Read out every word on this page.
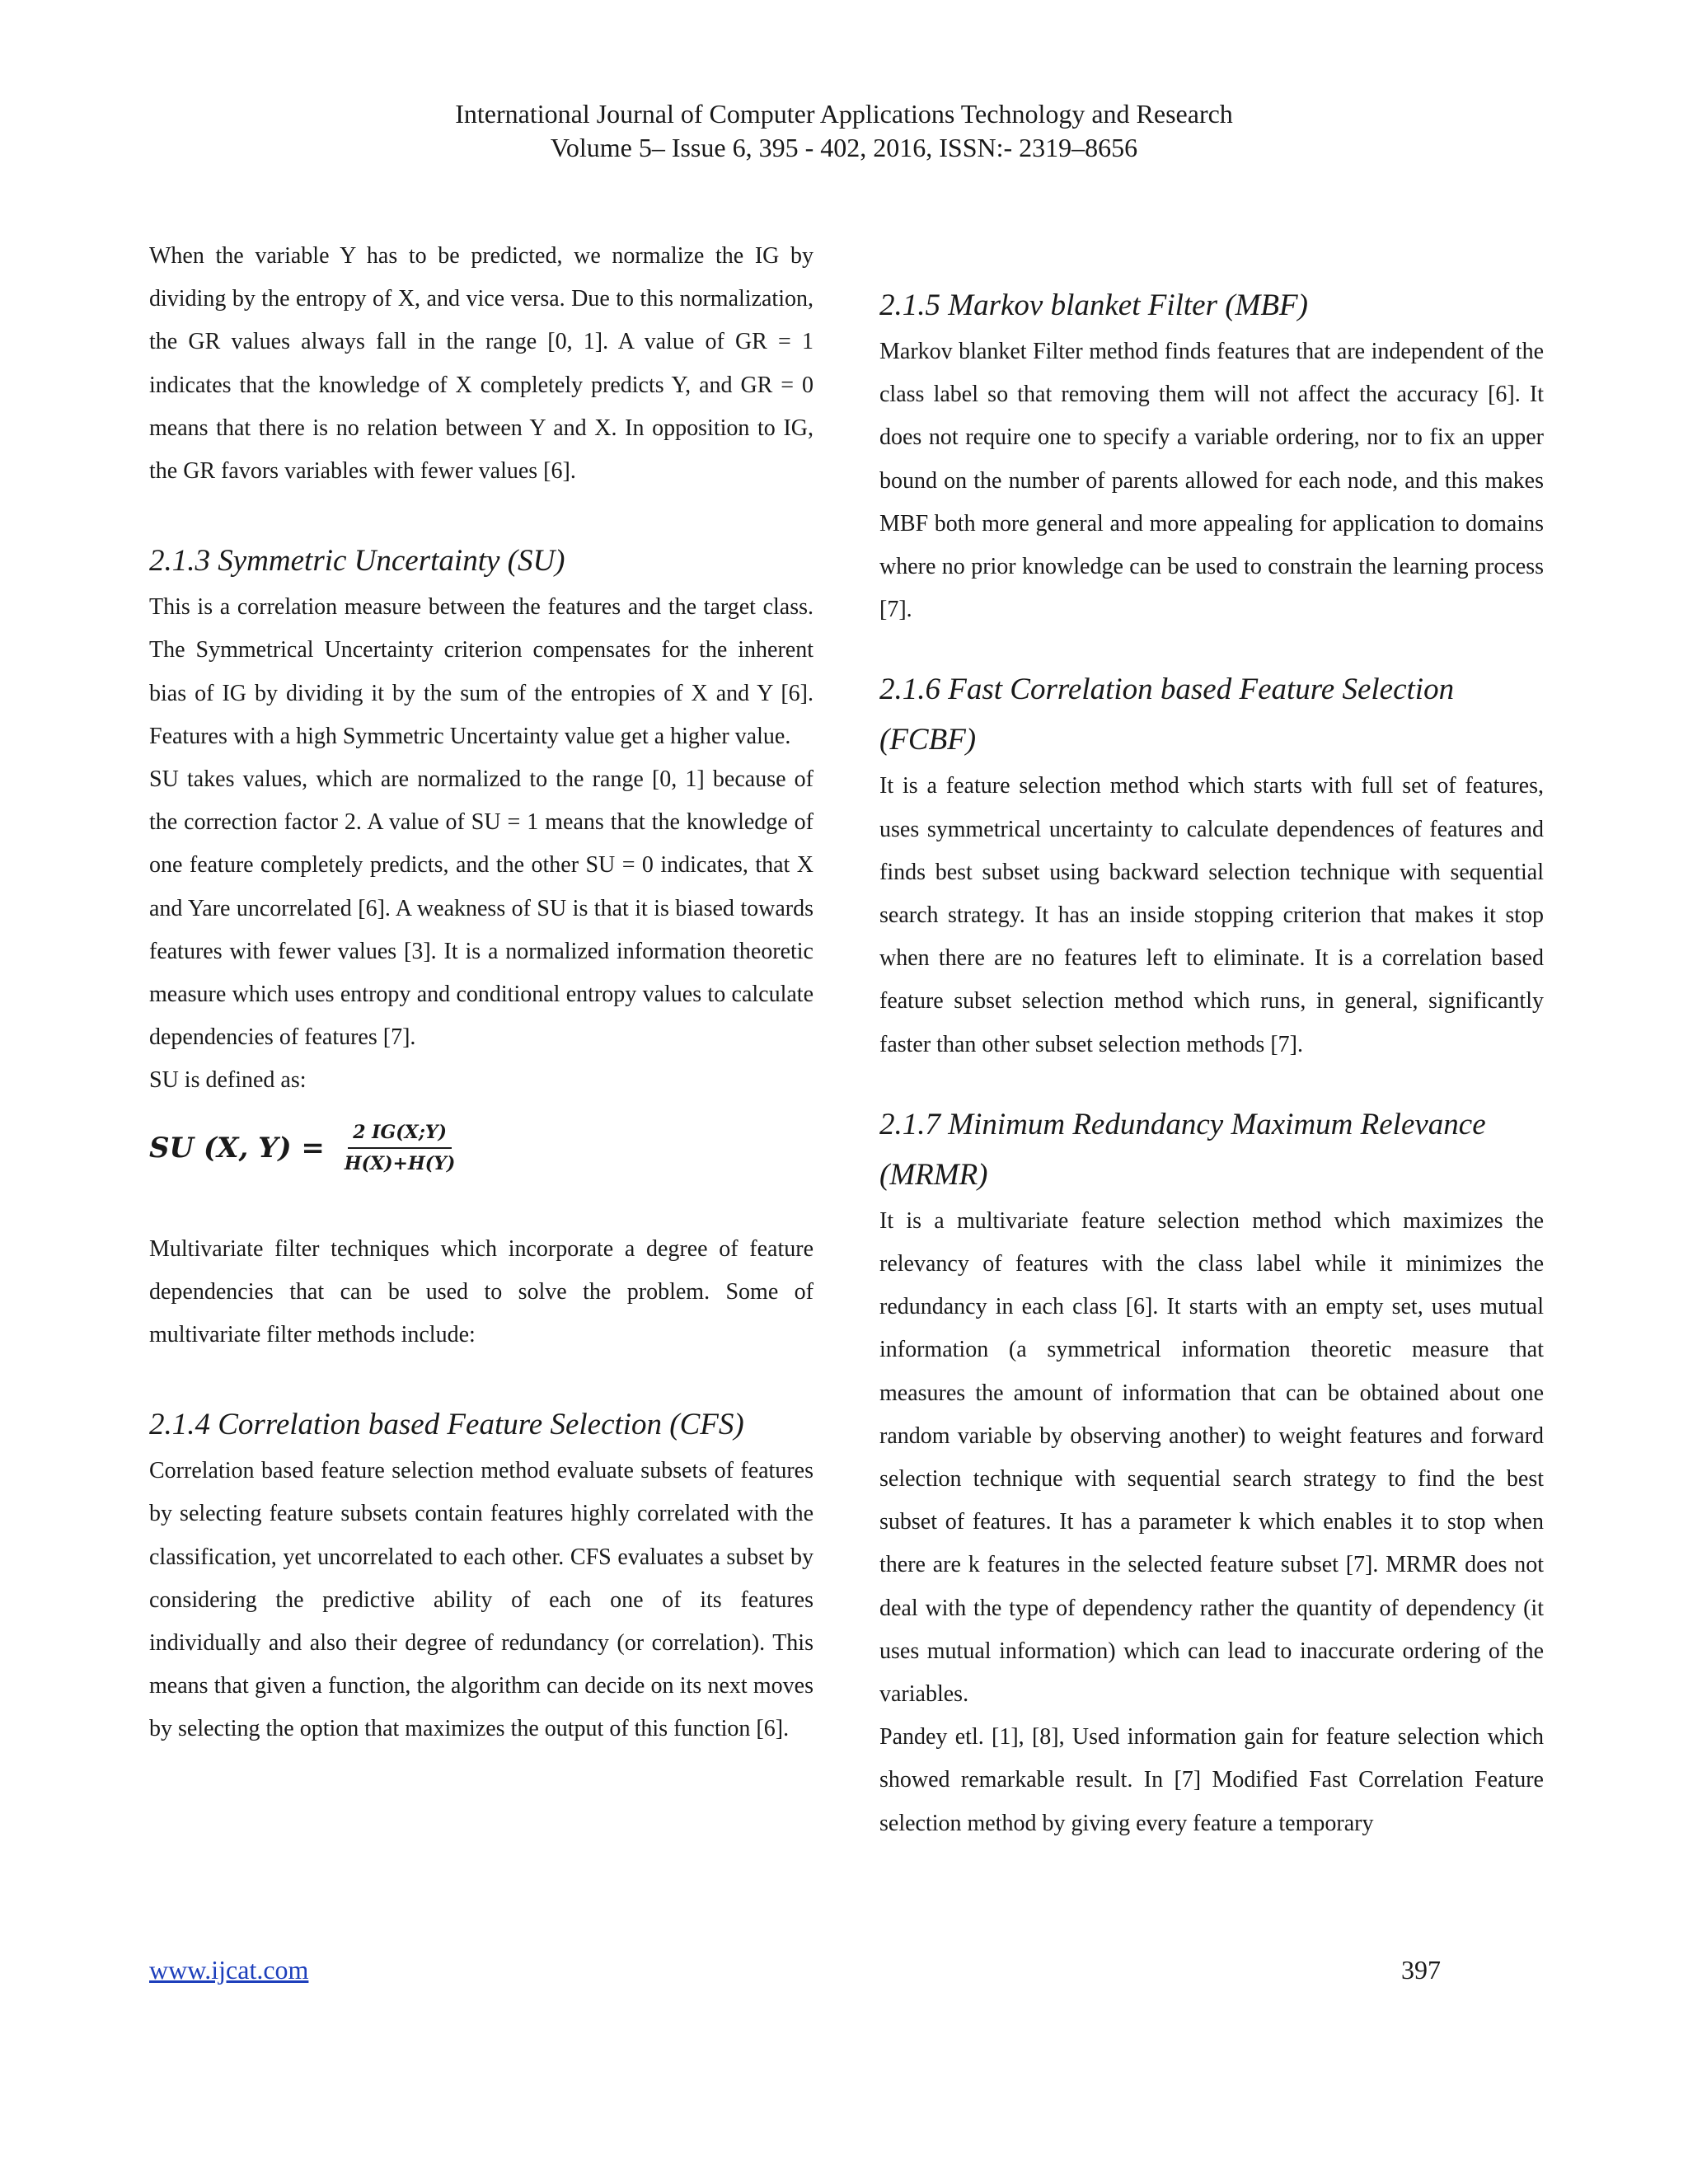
International Journal of Computer Applications Technology and Research
Volume 5– Issue 6, 395 - 402, 2016, ISSN:- 2319–8656

When the variable Y has to be predicted, we normalize the IG by dividing by the entropy of X, and vice versa. Due to this normalization, the GR values always fall in the range [0, 1]. A value of GR = 1 indicates that the knowledge of X completely predicts Y, and GR = 0 means that there is no relation between Y and X. In opposition to IG, the GR favors variables with fewer values [6].

2.1.3 Symmetric Uncertainty (SU)

This is a correlation measure between the features and the target class. The Symmetrical Uncertainty criterion compensates for the inherent bias of IG by dividing it by the sum of the entropies of X and Y [6]. Features with a high Symmetric Uncertainty value get a higher value.

SU takes values, which are normalized to the range [0, 1] because of the correction factor 2. A value of SU = 1 means that the knowledge of one feature completely predicts, and the other SU = 0 indicates, that X and Yare uncorrelated [6]. A weakness of SU is that it is biased towards features with fewer values [3]. It is a normalized information theoretic measure which uses entropy and conditional entropy values to calculate dependencies of features [7].

SU is defined as:

SU (X, $Y) = \frac{2 IG(X;Y)}{H(X)+H(Y)}$

Multivariate filter techniques which incorporate a degree of feature dependencies that can be used to solve the problem. Some of multivariate filter methods include:

2.1.4 Correlation based Feature Selection (CFS)

Correlation based feature selection method evaluate subsets of features by selecting feature subsets contain features highly correlated with the classification, yet uncorrelated to each other. CFS evaluates a subset by considering the predictive ability of each one of its features individually and also their degree of redundancy (or correlation). This means that given a function, the algorithm can decide on its next moves by selecting the option that maximizes the output of this function [6].

2.1.5 Markov blanket Filter (MBF)

Markov blanket Filter method finds features that are independent of the class label so that removing them will not affect the accuracy [6]. It does not require one to specify a variable ordering, nor to fix an upper bound on the number of parents allowed for each node, and this makes MBF both more general and more appealing for application to domains where no prior knowledge can be used to constrain the learning process [7].

2.1.6 Fast Correlation based Feature Selection (FCBF)

It is a feature selection method which starts with full set of features, uses symmetrical uncertainty to calculate dependences of features and finds best subset using backward selection technique with sequential search strategy. It has an inside stopping criterion that makes it stop when there are no features left to eliminate. It is a correlation based feature subset selection method which runs, in general, significantly faster than other subset selection methods [7].

2.1.7 Minimum Redundancy Maximum Relevance (MRMR)

It is a multivariate feature selection method which maximizes the relevancy of features with the class label while it minimizes the redundancy in each class [6]. It starts with an empty set, uses mutual information (a symmetrical information theoretic measure that measures the amount of information that can be obtained about one random variable by observing another) to weight features and forward selection technique with sequential search strategy to find the best subset of features. It has a parameter k which enables it to stop when there are k features in the selected feature subset [7]. MRMR does not deal with the type of dependency rather the quantity of dependency (it uses mutual information) which can lead to inaccurate ordering of the variables.

Pandey etl. [1], [8], Used information gain for feature selection which showed remarkable result. In [7] Modified Fast Correlation Feature selection method by giving every feature a temporary

www.ijcat.com	397
